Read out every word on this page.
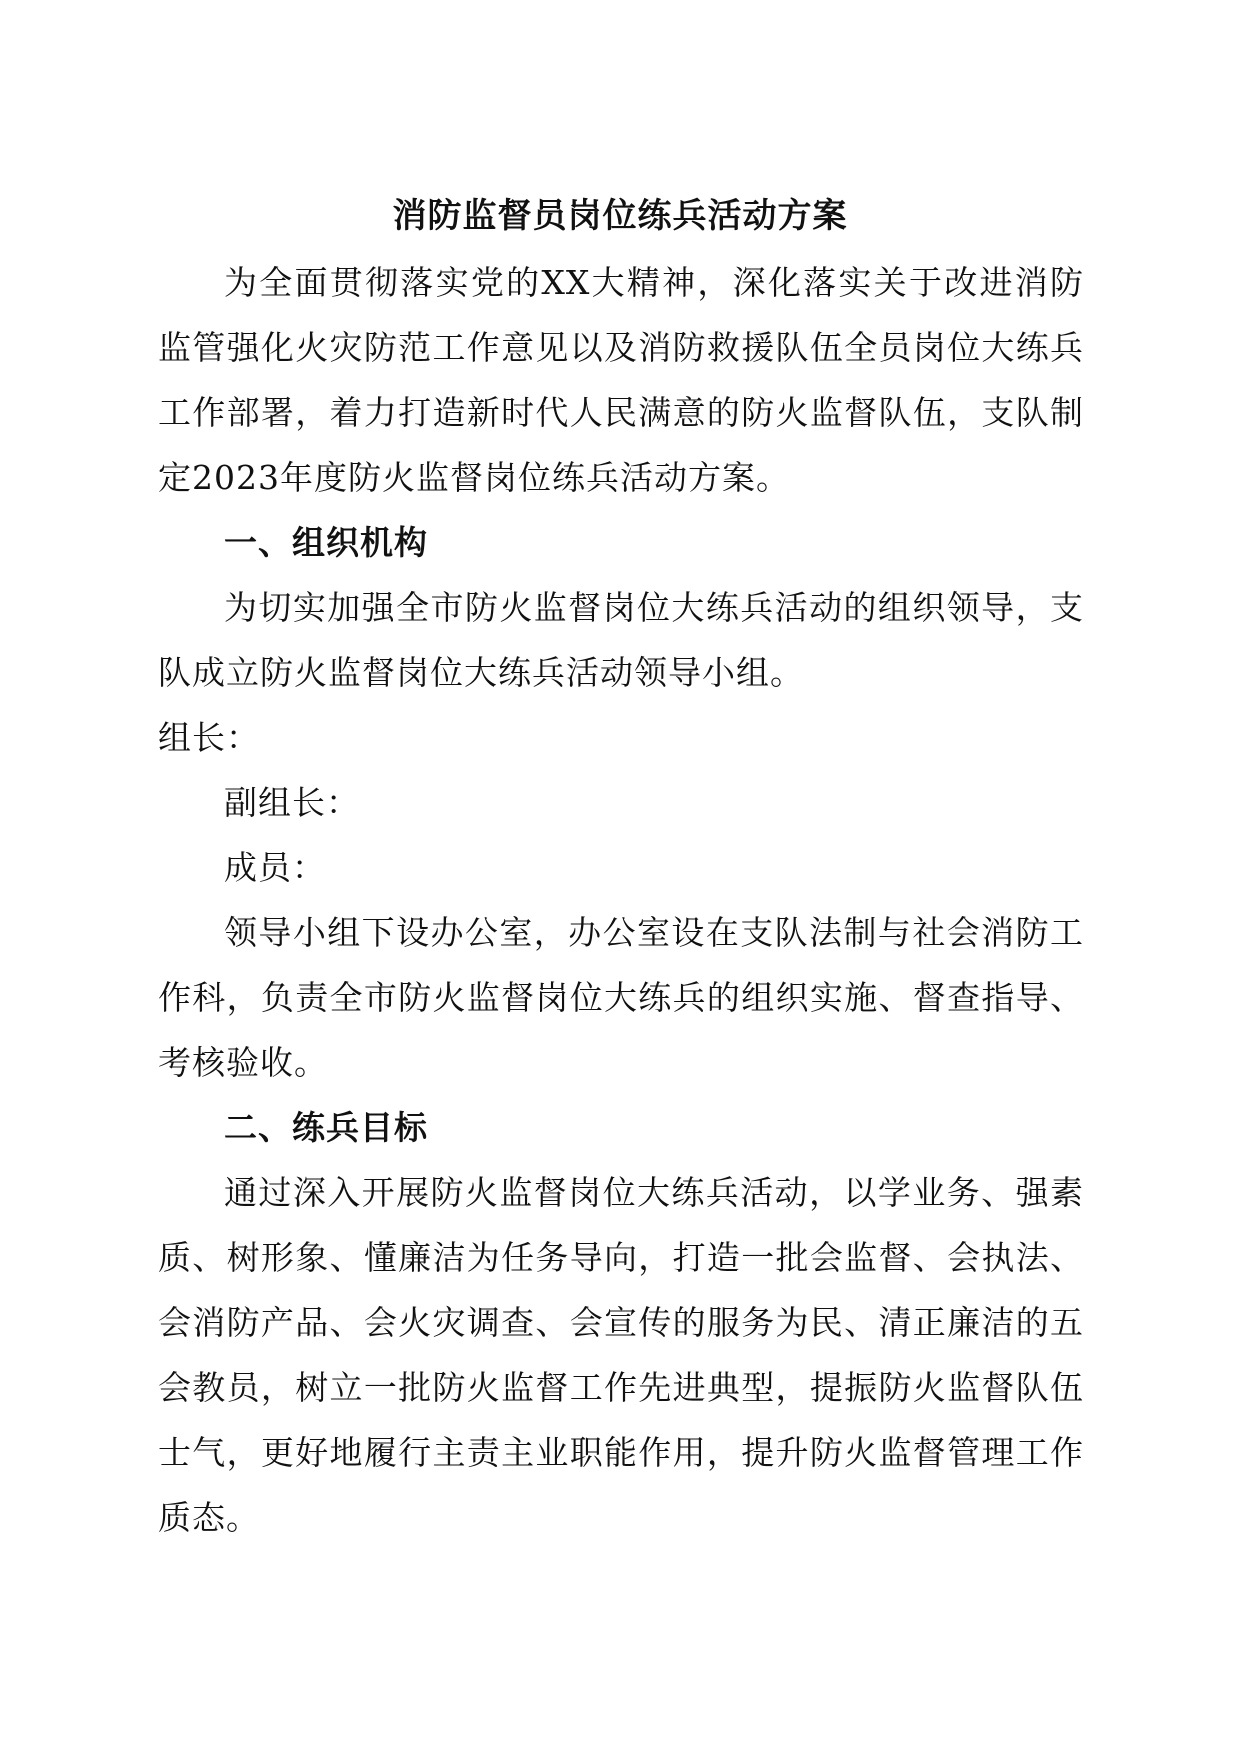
消防监督员岗位练兵活动方案

为全面贯彻落实党的XX大精神，深化落实关于改进消防监管强化火灾防范工作意见以及消防救援队伍全员岗位大练兵工作部署，着力打造新时代人民满意的防火监督队伍，支队制定2023年度防火监督岗位练兵活动方案。

一、组织机构

为切实加强全市防火监督岗位大练兵活动的组织领导，支队成立防火监督岗位大练兵活动领导小组。

组长：

副组长：

成员：

领导小组下设办公室，办公室设在支队法制与社会消防工作科，负责全市防火监督岗位大练兵的组织实施、督查指导、考核验收。

二、练兵目标

通过深入开展防火监督岗位大练兵活动，以学业务、强素质、树形象、懂廉洁为任务导向，打造一批会监督、会执法、会消防产品、会火灾调查、会宣传的服务为民、清正廉洁的五会教员，树立一批防火监督工作先进典型，提振防火监督队伍士气，更好地履行主责主业职能作用，提升防火监督管理工作质态。
